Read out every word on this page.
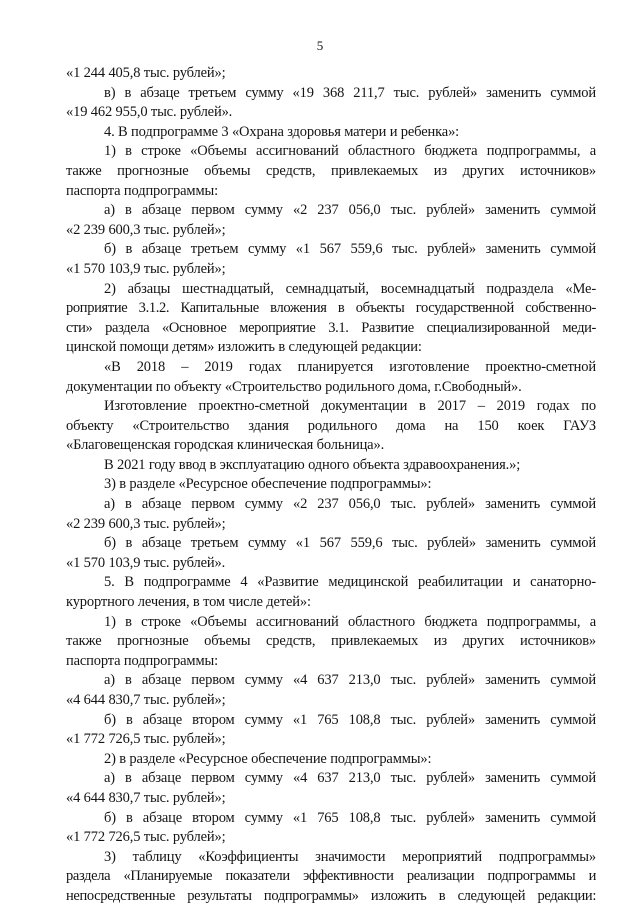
5
«1 244 405,8 тыс. рублей»;
в) в абзаце третьем сумму «19 368 211,7 тыс. рублей» заменить суммой
«19 462 955,0 тыс. рублей».
4. В подпрограмме 3 «Охрана здоровья матери и ребенка»:
1) в строке «Объемы ассигнований областного бюджета подпрограммы, а
также прогнозные объемы средств, привлекаемых из других источников»
паспорта подпрограммы:
а) в абзаце первом сумму «2 237 056,0 тыс. рублей» заменить суммой
«2 239 600,3 тыс. рублей»;
б) в абзаце третьем сумму «1 567 559,6 тыс. рублей» заменить суммой
«1 570 103,9 тыс. рублей»;
2) абзацы шестнадцатый, семнадцатый, восемнадцатый подраздела «Ме-
роприятие 3.1.2. Капитальные вложения в объекты государственной собственно-
сти» раздела «Основное мероприятие 3.1. Развитие специализированной меди-
цинской помощи детям» изложить в следующей редакции:
«В 2018 – 2019 годах планируется изготовление проектно-сметной
документации по объекту «Строительство родильного дома, г.Свободный».
Изготовление проектно-сметной документации в 2017 – 2019 годах по
объекту «Строительство здания родильного дома на 150 коек ГАУЗ
«Благовещенская городская клиническая больница».
В 2021 году ввод в эксплуатацию одного объекта здравоохранения.»;
3) в разделе «Ресурсное обеспечение подпрограммы»:
а) в абзаце первом сумму «2 237 056,0 тыс. рублей» заменить суммой
«2 239 600,3 тыс. рублей»;
б) в абзаце третьем сумму «1 567 559,6 тыс. рублей» заменить суммой
«1 570 103,9 тыс. рублей».
5. В подпрограмме 4 «Развитие медицинской реабилитации и санаторно-
курортного лечения, в том числе детей»:
1) в строке «Объемы ассигнований областного бюджета подпрограммы, а
также прогнозные объемы средств, привлекаемых из других источников»
паспорта подпрограммы:
а) в абзаце первом сумму «4 637 213,0 тыс. рублей» заменить суммой
«4 644 830,7 тыс. рублей»;
б) в абзаце втором сумму «1 765 108,8 тыс. рублей» заменить суммой
«1 772 726,5 тыс. рублей»;
2) в разделе «Ресурсное обеспечение подпрограммы»:
а) в абзаце первом сумму «4 637 213,0 тыс. рублей» заменить суммой
«4 644 830,7 тыс. рублей»;
б) в абзаце втором сумму «1 765 108,8 тыс. рублей» заменить суммой
«1 772 726,5 тыс. рублей»;
3) таблицу «Коэффициенты значимости мероприятий подпрограммы»
раздела «Планируемые показатели эффективности реализации подпрограммы и
непосредственные результаты подпрограммы» изложить в следующей редакции:
